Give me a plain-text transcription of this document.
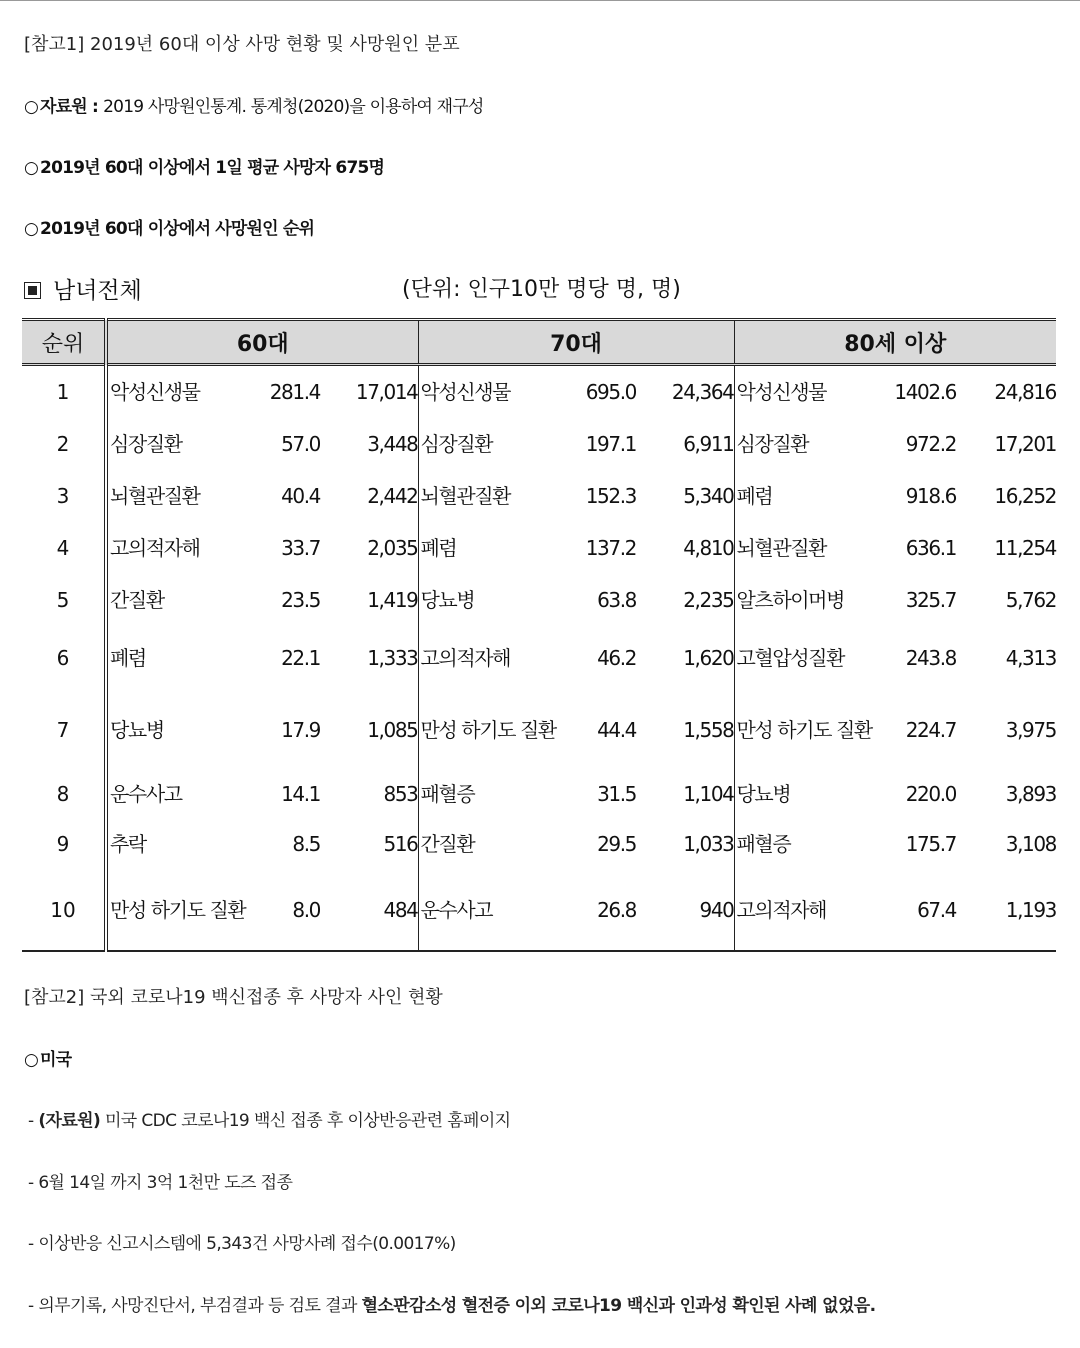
[참고1] 2019년 60대 이상 사망 현황 및 사망원인 분포
○ 자료원 : 2019 사망원인통계. 통계청(2020)을 이용하여 재구성
○ 2019년 60대 이상에서 1일 평균 사망자 675명
○ 2019년 60대 이상에서 사망원인 순위
남녀전체	(단위: 인구10만 명당 명, 명)
순위	60대			70대			80세 이상		
1	악성신생물	281.4	17,014	악성신생물	695.0	24,364	악성신생물	1402.6	24,816
2	심장질환	57.0	3,448	심장질환	197.1	6,911	심장질환	972.2	17,201
3	뇌혈관질환	40.4	2,442	뇌혈관질환	152.3	5,340	폐렴	918.6	16,252
4	고의적자해	33.7	2,035	폐렴	137.2	4,810	뇌혈관질환	636.1	11,254
5	간질환	23.5	1,419	당뇨병	63.8	2,235	알츠하이머병	325.7	5,762
6	폐렴	22.1	1,333	고의적자해	46.2	1,620	고혈압성질환	243.8	4,313
7	당뇨병	17.9	1,085	만성 하기도 질환	44.4	1,558	만성 하기도 질환	224.7	3,975
8	운수사고	14.1	853	패혈증	31.5	1,104	당뇨병	220.0	3,893
9	추락	8.5	516	간질환	29.5	1,033	패혈증	175.7	3,108
10	만성 하기도 질환	8.0	484	운수사고	26.8	940	고의적자해	67.4	1,193
[참고2] 국외 코로나19 백신접종 후 사망자 사인 현황
○ 미국
- (자료원) 미국 CDC 코로나19 백신 접종 후 이상반응관련 홈페이지
- 6월 14일 까지 3억 1천만 도즈 접종
- 이상반응 신고시스템에 5,343건 사망사례 접수(0.0017%)
- 의무기록, 사망진단서, 부검결과 등 검토 결과 혈소판감소성 혈전증 이외 코로나19 백신과 인과성 확인된 사례 없었음.
